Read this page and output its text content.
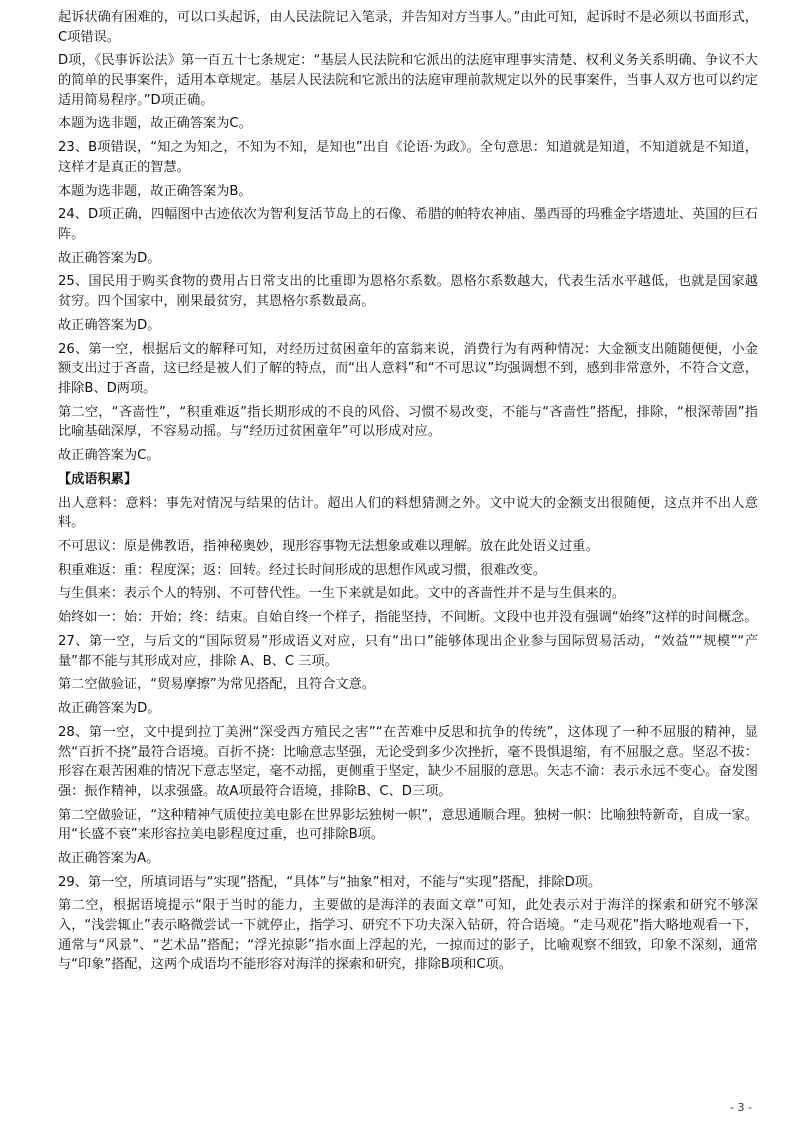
起诉状确有困难的，可以口头起诉，由人民法院记入笔录，并告知对方当事人。”由此可知，起诉时不是必须以书面形式，C项错误。

D项，《民事诉讼法》第一百五十七条规定：“基层人民法院和它派出的法庭审理事实清楚、权利义务关系明确、争议不大的简单的民事案件，适用本章规定。基层人民法院和它派出的法庭审理前款规定以外的民事案件，当事人双方也可以约定适用简易程序。”D项正确。

本题为选非题，故正确答案为C。

23、B项错误，“知之为知之，不知为不知，是知也”出自《论语·为政》。全句意思：知道就是知道，不知道就是不知道，这样才是真正的智慧。

本题为选非题，故正确答案为B。

24、D项正确，四幅图中古迹依次为智利复活节岛上的石像、希腊的帕特农神庙、墨西哥的玛雅金字塔遗址、英国的巨石阵。

故正确答案为D。

25、国民用于购买食物的费用占日常支出的比重即为恩格尔系数。恩格尔系数越大，代表生活水平越低，也就是国家越贫穷。四个国家中，刚果最贫穷，其恩格尔系数最高。

故正确答案为D。

26、第一空，根据后文的解释可知，对经历过贫困童年的富翁来说，消费行为有两种情况：大金额支出随随便便，小金额支出过于吝啬，这已经是被人们了解的特点，而“出人意料”和“不可思议”均强调想不到，感到非常意外，不符合文意，排除B、D两项。

第二空，“吝啬性”，“积重难返”指长期形成的不良的风俗、习惯不易改变，不能与“吝啬性”搭配，排除，“根深蒂固”指比喻基础深厚，不容易动摇。与“经历过贫困童年”可以形成对应。

故正确答案为C。

【成语积累】

出人意料：意料：事先对情况与结果的估计。超出人们的料想猜测之外。文中说大的金额支出很随便，这点并不出人意料。

不可思议：原是佛教语，指神秘奥妙，现形容事物无法想象或难以理解。放在此处语义过重。

积重难返：重：程度深；返：回转。经过长时间形成的思想作风或习惯，很难改变。

与生俱来：表示个人的特别、不可替代性。一生下来就是如此。文中的吝啬性并不是与生俱来的。

始终如一：始：开始；终：结束。自始自终一个样子，指能坚持，不间断。文段中也并没有强调“始终”这样的时间概念。

27、第一空，与后文的“国际贸易”形成语义对应，只有“出口”能够体现出企业参与国际贸易活动，“效益”“规模”“产量”都不能与其形成对应，排除 A、B、C 三项。

第二空做验证，“贸易摩擦”为常见搭配，且符合文意。

故正确答案为D。

28、第一空，文中提到拉丁美洲“深受西方殖民之害”“在苦难中反思和抗争的传统”，这体现了一种不屈服的精神，显然“百折不挠”最符合语境。百折不挠：比喻意志坚强，无论受到多少次挫折，毫不畏惧退缩，有不屈服之意。坚忍不拔：形容在艰苦困难的情况下意志坚定，毫不动摇，更侧重于坚定，缺少不屈服的意思。矢志不渝：表示永远不变心。奋发图强：振作精神，以求强盛。故A项最符合语境，排除B、C、D三项。

第二空做验证，“这种精神气质使拉美电影在世界影坛独树一帜”，意思通顺合理。独树一帜：比喻独特新奇，自成一家。用“长盛不衰”来形容拉美电影程度过重，也可排除B项。

故正确答案为A。

29、第一空，所填词语与“实现”搭配，“具体”与“抽象”相对，不能与“实现”搭配，排除D项。

第二空，根据语境提示“限于当时的能力，主要做的是海洋的表面文章”可知，此处表示对于海洋的探索和研究不够深入，“浅尝辄止”表示略微尝试一下就停止，指学习、研究不下功夫深入钻研，符合语境。“走马观花”指大略地观看一下，通常与“风景”、“艺术品”搭配；“浮光掠影”指水面上浮起的光，一掠而过的影子，比喻观察不细致，印象不深刻，通常与“印象”搭配，这两个成语均不能形容对海洋的探索和研究，排除B项和C项。

- 3 -
